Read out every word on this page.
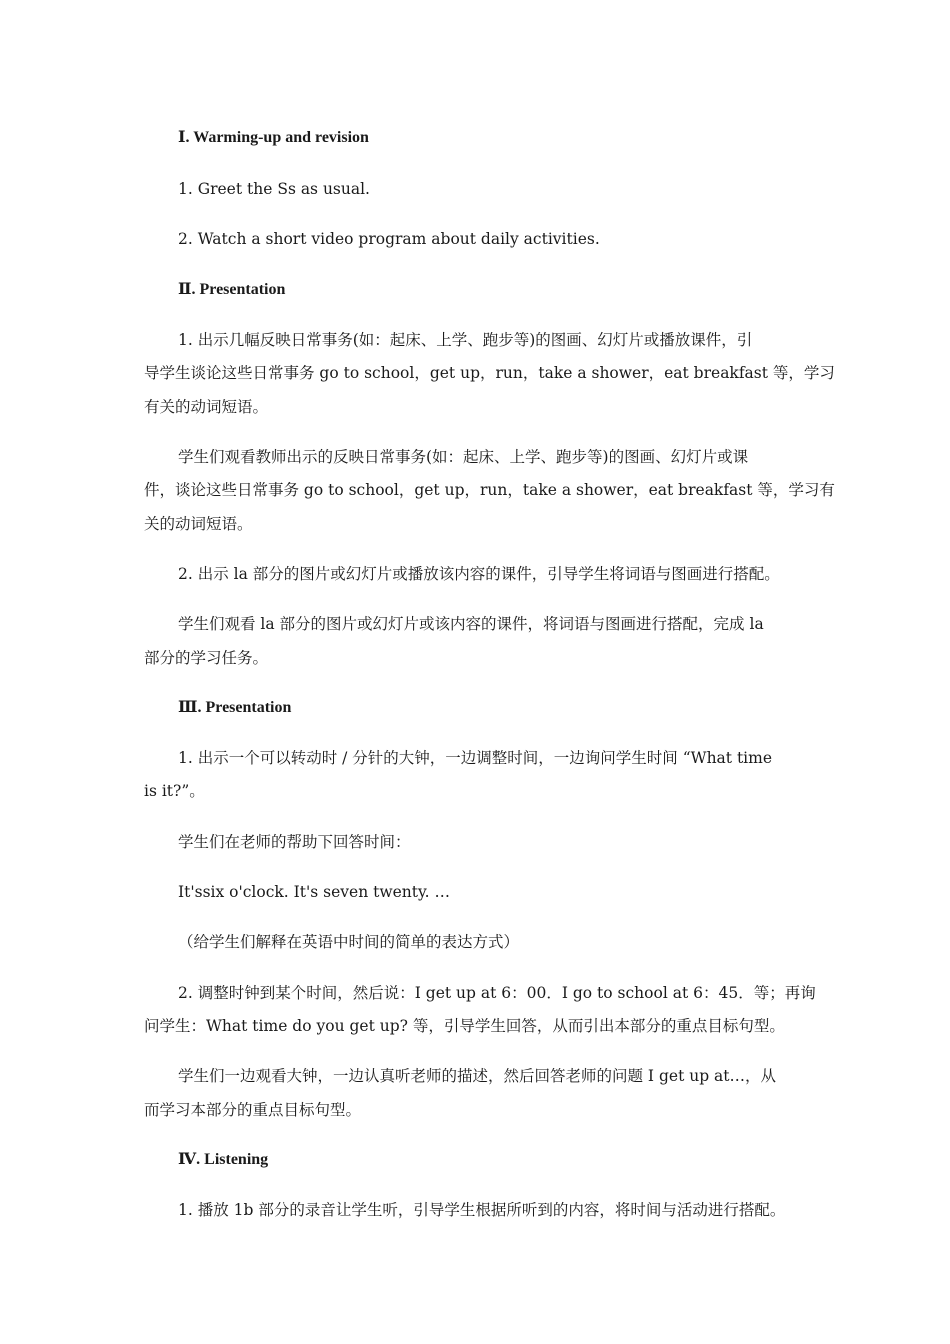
Ⅰ. Warming-up and revision
1. Greet the Ss as usual.
2. Watch a short video program about daily activities.
Ⅱ. Presentation
1. 出示几幅反映日常事务(如：起床、上学、跑步等)的图画、幻灯片或播放课件，引
导学生谈论这些日常事务 go to school，get up，run，take a shower，eat breakfast 等，学习
有关的动词短语。
学生们观看教师出示的反映日常事务(如：起床、上学、跑步等)的图画、幻灯片或课
件，谈论这些日常事务 go to school，get up，run，take a shower，eat breakfast 等，学习有
关的动词短语。
2. 出示 la 部分的图片或幻灯片或播放该内容的课件，引导学生将词语与图画进行搭配。
学生们观看 la 部分的图片或幻灯片或该内容的课件，将词语与图画进行搭配，完成 la
部分的学习任务。
Ⅲ. Presentation
1. 出示一个可以转动时 / 分针的大钟，一边调整时间，一边询问学生时间 “What time
is it?”。
学生们在老师的帮助下回答时间：
It'ssix o'clock. It's seven twenty. …
（给学生们解释在英语中时间的简单的表达方式）
2. 调整时钟到某个时间，然后说：I get up at 6：00．I go to school at 6：45．等；再询
问学生：What time do you get up? 等，引导学生回答，从而引出本部分的重点目标句型。
学生们一边观看大钟，一边认真听老师的描述，然后回答老师的问题 I get up at…，从
而学习本部分的重点目标句型。
Ⅳ. Listening
1. 播放 1b 部分的录音让学生听，引导学生根据所听到的内容，将时间与活动进行搭配。
